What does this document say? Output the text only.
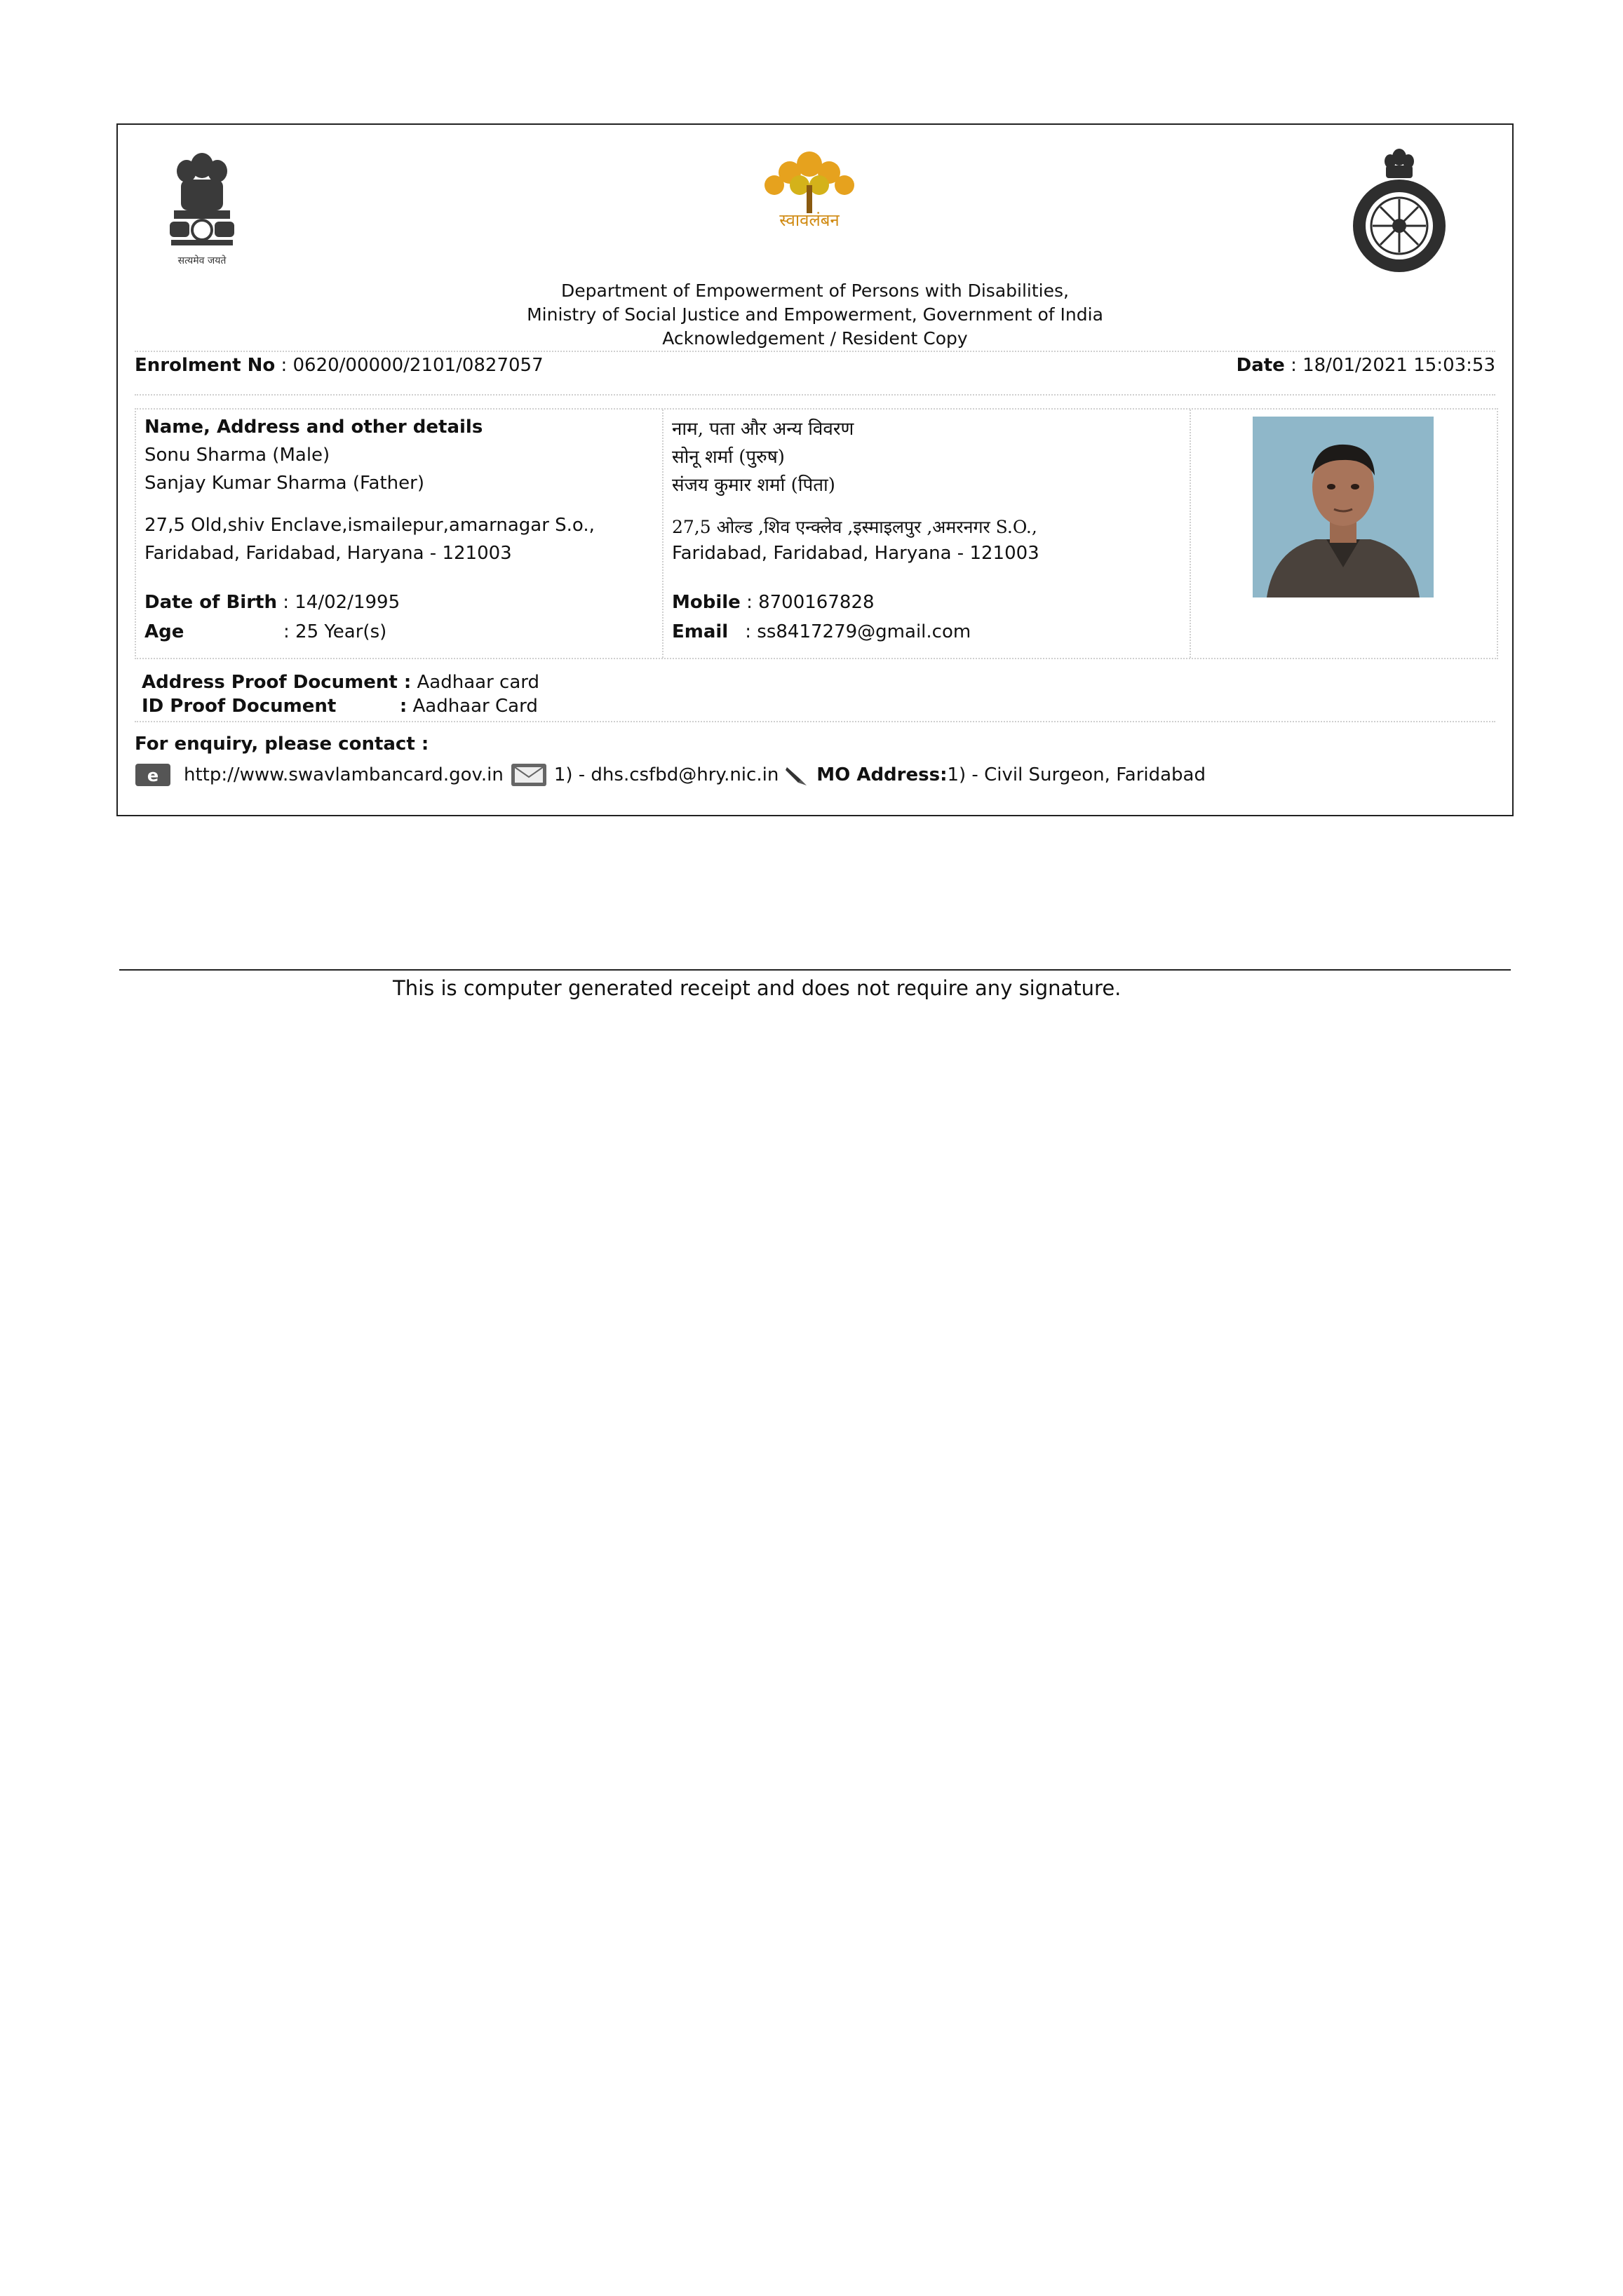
सत्यमेव जयते
स्वावलंबन
Department of Empowerment of Persons with Disabilities,
Ministry of Social Justice and Empowerment, Government of India
Acknowledgement / Resident Copy
Enrolment No : 0620/00000/2101/0827057	Date : 18/01/2021 15:03:53
Name, Address and other details
Sonu Sharma (Male)
Sanjay Kumar Sharma (Father)
27,5 Old,shiv Enclave,ismailepur,amarnagar S.o.,
Faridabad, Faridabad, Haryana - 121003
Date of Birth : 14/02/1995
Age	: 25 Year(s)
नाम, पता और अन्य विवरण
सोनू शर्मा (पुरुष)
संजय कुमार शर्मा (पिता)
27,5 ओल्ड ,शिव एन्क्लेव ,इस्माइलपुर ,अमरनगर S.O.,
Faridabad, Faridabad, Haryana - 121003
Mobile : 8700167828
Email : ss8417279@gmail.com
Address Proof Document : Aadhaar card
ID Proof Document          : Aadhaar Card
For enquiry, please contact :
e http://www.swavlambancard.gov.in	1) - dhs.csfbd@hry.nic.in MO Address: 1) - Civil Surgeon, Faridabad
This is computer generated receipt and does not require any signature.
